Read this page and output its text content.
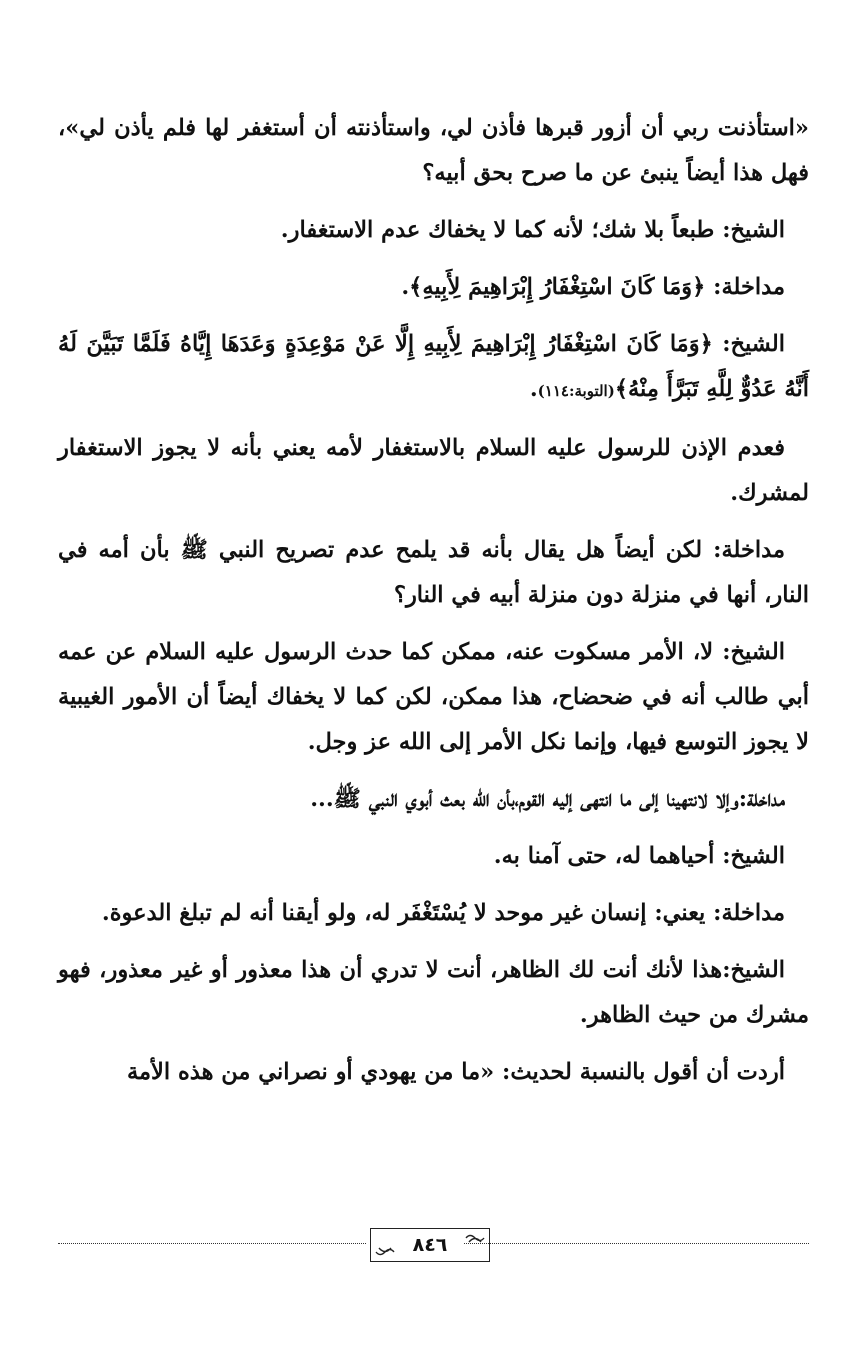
«استأذنت ربي أن أزور قبرها فأذن لي، واستأذنته أن أستغفر لها فلم يأذن لي»، فهل هذا أيضاً ينبئ عن ما صرح بحق أبيه؟

الشيخ: طبعاً بلا شك؛ لأنه كما لا يخفاك عدم الاستغفار.

مداخلة: ﴿وَمَا كَانَ اسْتِغْفَارُ إِبْرَاهِيمَ لِأَبِيهِ﴾.

الشيخ: ﴿وَمَا كَانَ اسْتِغْفَارُ إِبْرَاهِيمَ لِأَبِيهِ إِلَّا عَنْ مَوْعِدَةٍ وَعَدَهَا إِيَّاهُ فَلَمَّا تَبَيَّنَ لَهُ أَنَّهُ عَدُوٌّ لِلَّهِ تَبَرَّأَ مِنْهُ﴾(التوبة:١١٤).

فعدم الإذن للرسول عليه السلام بالاستغفار لأمه يعني بأنه لا يجوز الاستغفار لمشرك.

مداخلة: لكن أيضاً هل يقال بأنه قد يلمح عدم تصريح النبي ﷺ بأن أمه في النار، أنها في منزلة دون منزلة أبيه في النار؟

الشيخ: لا، الأمر مسكوت عنه، ممكن كما حدث الرسول عليه السلام عن عمه أبي طالب أنه في ضحضاح، هذا ممكن، لكن كما لا يخفاك أيضاً أن الأمور الغيبية لا يجوز التوسع فيها، وإنما نكل الأمر إلى الله عز وجل.

مداخلة:وإلا لانتهينا إلى ما انتهى إليه القوم،بأن الله بعث أبوي النبي ﷺ...

الشيخ: أحياهما له، حتى آمنا به.

مداخلة: يعني: إنسان غير موحد لا يُسْتَغْفَر له، ولو أيقنا أنه لم تبلغ الدعوة.

الشيخ:هذا لأنك أنت لك الظاهر، أنت لا تدري أن هذا معذور أو غير معذور، فهو مشرك من حيث الظاهر.

أردت أن أقول بالنسبة لحديث: «ما من يهودي أو نصراني من هذه الأمة

٨٤٦
